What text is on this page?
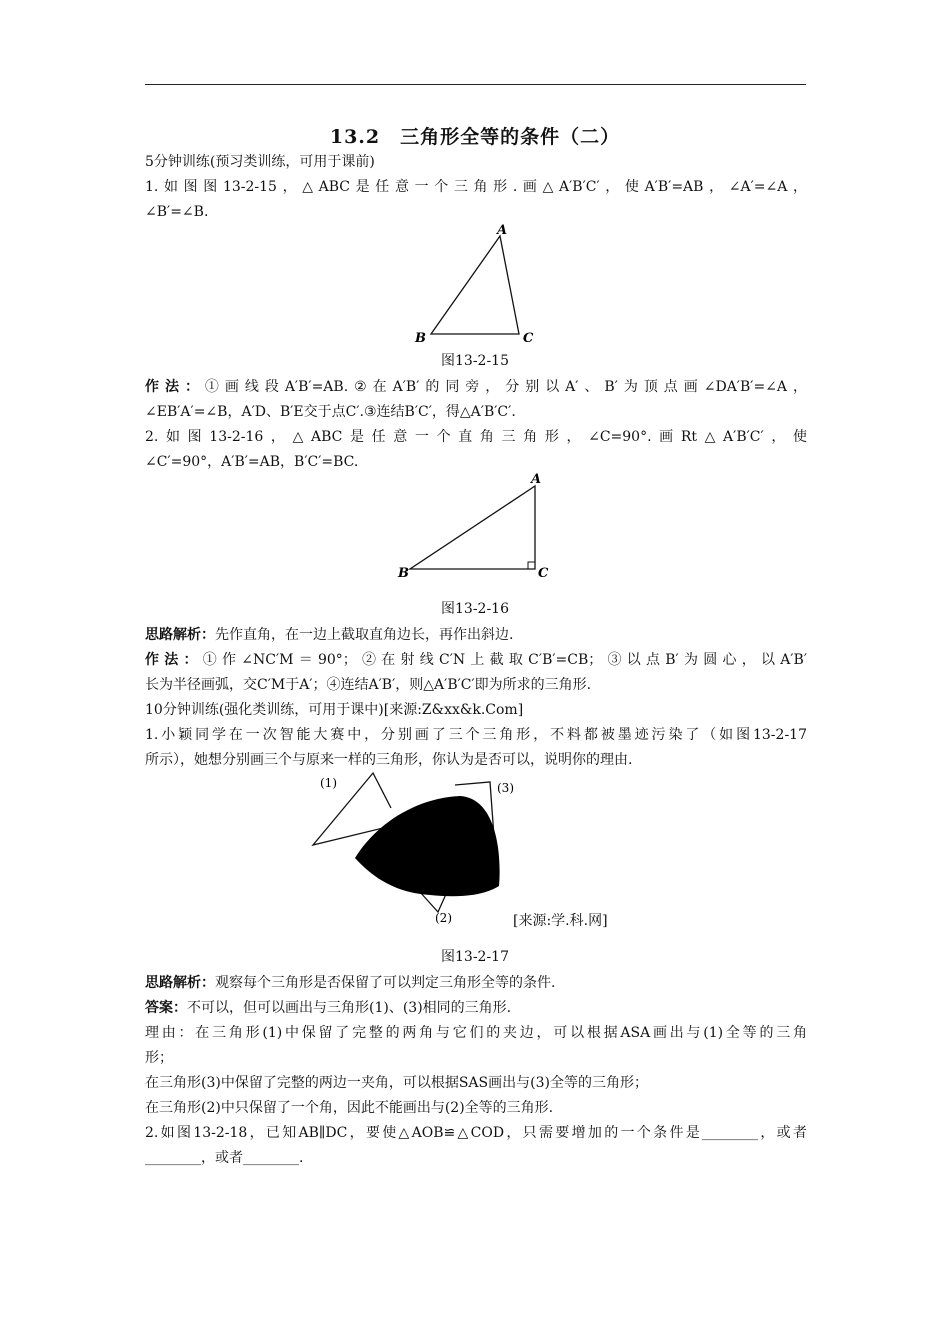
13.2　三角形全等的条件（二）
5分钟训练(预习类训练，可用于课前)
1.如图图13-2-15，△ABC是任意一个三角形.画△A′B′C′，使A′B′=AB，∠A′=∠A，
∠B′=∠B.
A
B	C
图13-2-15
作法：①画线段A′B′=AB.②在A′B′的同旁，分别以A′、B′为顶点画∠DA′B′=∠A，
∠EB′A′=∠B，A′D、B′E交于点C′.③连结B′C′，得△A′B′C′.
2.如图13-2-16，△ABC是任意一个直角三角形，∠C=90°.画Rt△A′B′C′，使
∠C′=90°，A′B′=AB，B′C′=BC.
A
B	C
图13-2-16
思路解析：先作直角，在一边上截取直角边长，再作出斜边.
作法：①作∠NC′M＝90°；②在射线C′N上截取C′B′=CB；③以点B′为圆心，以A′B′
长为半径画弧，交C′M于A′；④连结A′B′，则△A′B′C′即为所求的三角形.
10分钟训练(强化类训练，可用于课中)[来源:Z&xx&k.Com]
1.小颖同学在一次智能大赛中，分别画了三个三角形，不料都被墨迹污染了（如图13-2-17
所示），她想分别画三个与原来一样的三角形，你认为是否可以，说明你的理由.
(1)
(2)
(3)
[来源:学.科.网]
图13-2-17
思路解析：观察每个三角形是否保留了可以判定三角形全等的条件.
答案：不可以，但可以画出与三角形(1)、(3)相同的三角形.
理由：在三角形(1)中保留了完整的两角与它们的夹边，可以根据ASA画出与(1)全等的三角
形；
在三角形(3)中保留了完整的两边一夹角，可以根据SAS画出与(3)全等的三角形；
在三角形(2)中只保留了一个角，因此不能画出与(2)全等的三角形.
2.如图13-2-18，已知AB∥DC，要使△AOB≌△COD，只需要增加的一个条件是________，或者
________，或者________.
